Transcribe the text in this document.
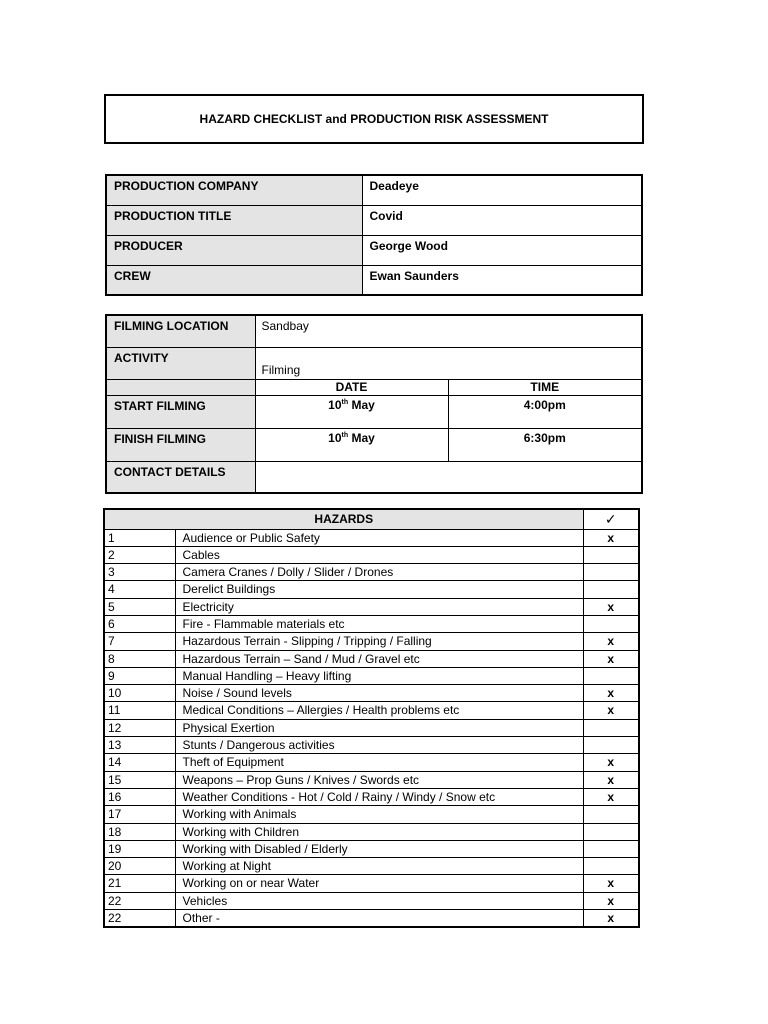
HAZARD CHECKLIST and PRODUCTION RISK ASSESSMENT
PRODUCTION COMPANY	Deadeye
PRODUCTION TITLE	Covid
PRODUCER	George Wood
CREW	Ewan Saunders
FILMING LOCATION	Sandbay	
ACTIVITY	Filming	
	DATE	TIME
START FILMING	10th May	4:00pm
FINISH FILMING	10th May	6:30pm
CONTACT DETAILS		
HAZARDS		✓
1	Audience or Public Safety	x
2	Cables	
3	Camera Cranes / Dolly / Slider / Drones	
4	Derelict Buildings	
5	Electricity	x
6	Fire - Flammable materials etc	
7	Hazardous Terrain - Slipping / Tripping / Falling	x
8	Hazardous Terrain – Sand / Mud / Gravel etc	x
9	Manual Handling – Heavy lifting	
10	Noise / Sound levels	x
11	Medical Conditions – Allergies / Health problems etc	x
12	Physical Exertion	
13	Stunts / Dangerous activities	
14	Theft of Equipment	x
15	Weapons – Prop Guns / Knives / Swords etc	x
16	Weather Conditions - Hot / Cold / Rainy / Windy / Snow etc	x
17	Working with Animals	
18	Working with Children	
19	Working with Disabled / Elderly	
20	Working at Night	
21	Working on or near Water	x
22	Vehicles	x
22	Other -	x
